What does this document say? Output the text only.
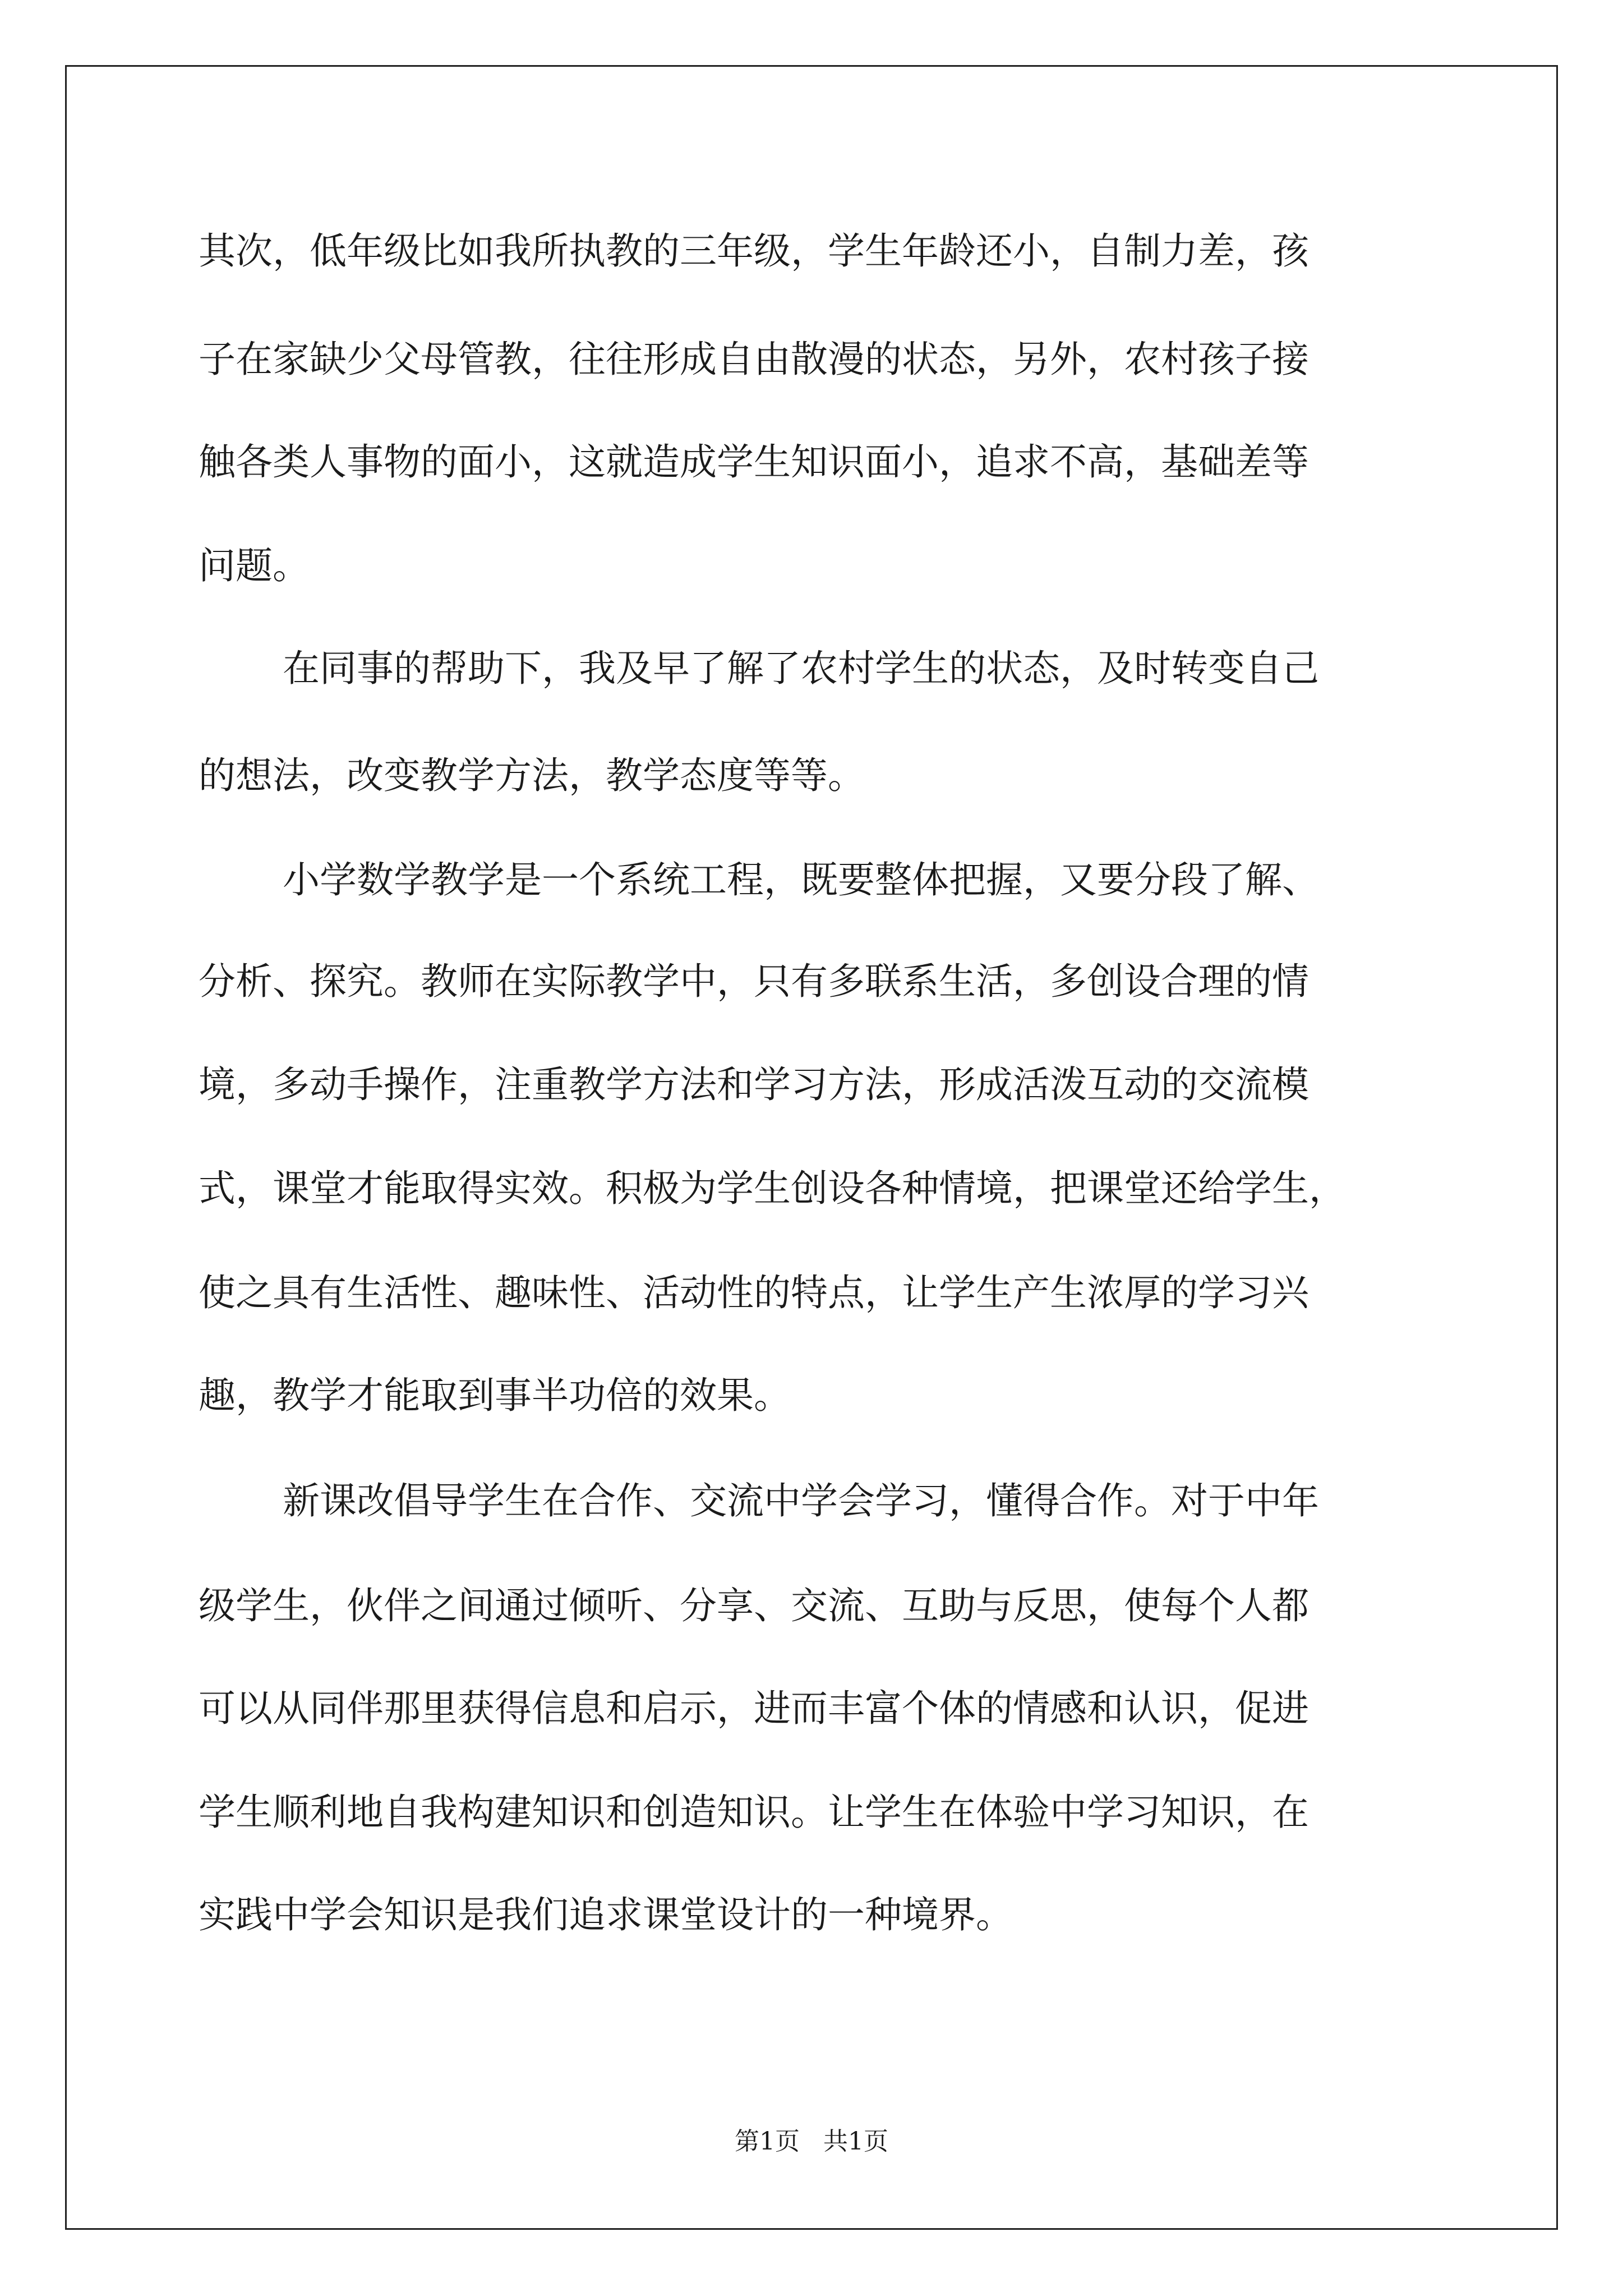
其次，低年级比如我所执教的三年级，学生年龄还小，自制力差，孩

子在家缺少父母管教，往往形成自由散漫的状态，另外，农村孩子接

触各类人事物的面小，这就造成学生知识面小，追求不高，基础差等

问题。

在同事的帮助下，我及早了解了农村学生的状态，及时转变自己

的想法，改变教学方法，教学态度等等。

小学数学教学是一个系统工程，既要整体把握，又要分段了解、

分析、探究。教师在实际教学中，只有多联系生活，多创设合理的情

境，多动手操作，注重教学方法和学习方法，形成活泼互动的交流模

式，课堂才能取得实效。积极为学生创设各种情境，把课堂还给学生，

使之具有生活性、趣味性、活动性的特点，让学生产生浓厚的学习兴

趣，教学才能取到事半功倍的效果。

新课改倡导学生在合作、交流中学会学习，懂得合作。对于中年

级学生，伙伴之间通过倾听、分享、交流、互助与反思，使每个人都

可以从同伴那里获得信息和启示，进而丰富个体的情感和认识，促进

学生顺利地自我构建知识和创造知识。让学生在体验中学习知识，在

实践中学会知识是我们追求课堂设计的一种境界。

第1页   共1页
